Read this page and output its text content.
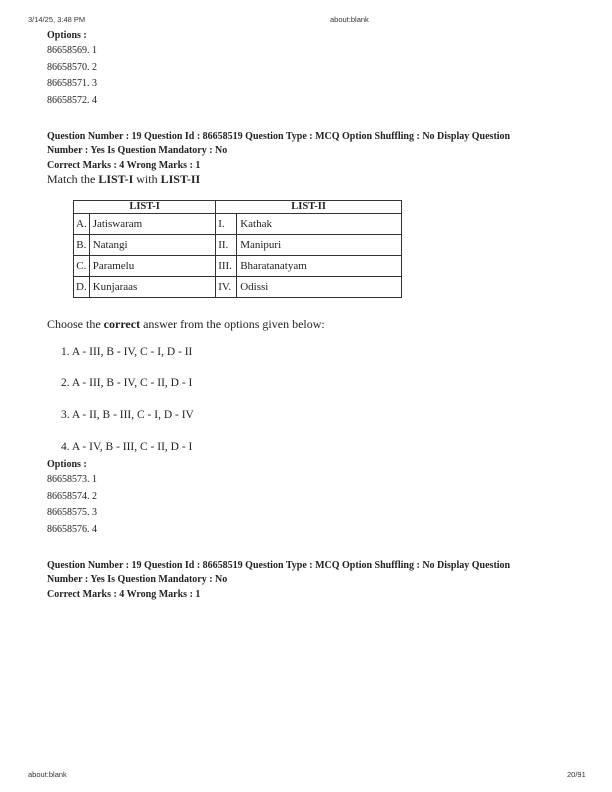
3/14/25, 3:48 PM	about:blank
Options :
86658569. 1
86658570. 2
86658571. 3
86658572. 4
Question Number : 19 Question Id : 86658519 Question Type : MCQ Option Shuffling : No Display Question
Number : Yes Is Question Mandatory : No
Correct Marks : 4 Wrong Marks : 1
Match the LIST-I with LIST-II
LIST-I		LIST-II	
A.	Jatiswaram	I.	Kathak
B.	Natangi	II.	Manipuri
C.	Paramelu	III.	Bharatanatyam
D.	Kunjaraas	IV.	Odissi
Choose the correct answer from the options given below:
1. A - III, B - IV, C - I, D - II
2. A - III, B - IV, C - II, D - I
3. A - II, B - III, C - I, D - IV
4. A - IV, B - III, C - II, D - I
Options :
86658573. 1
86658574. 2
86658575. 3
86658576. 4
Question Number : 19 Question Id : 86658519 Question Type : MCQ Option Shuffling : No Display Question
Number : Yes Is Question Mandatory : No
Correct Marks : 4 Wrong Marks : 1
about:blank	20/91
